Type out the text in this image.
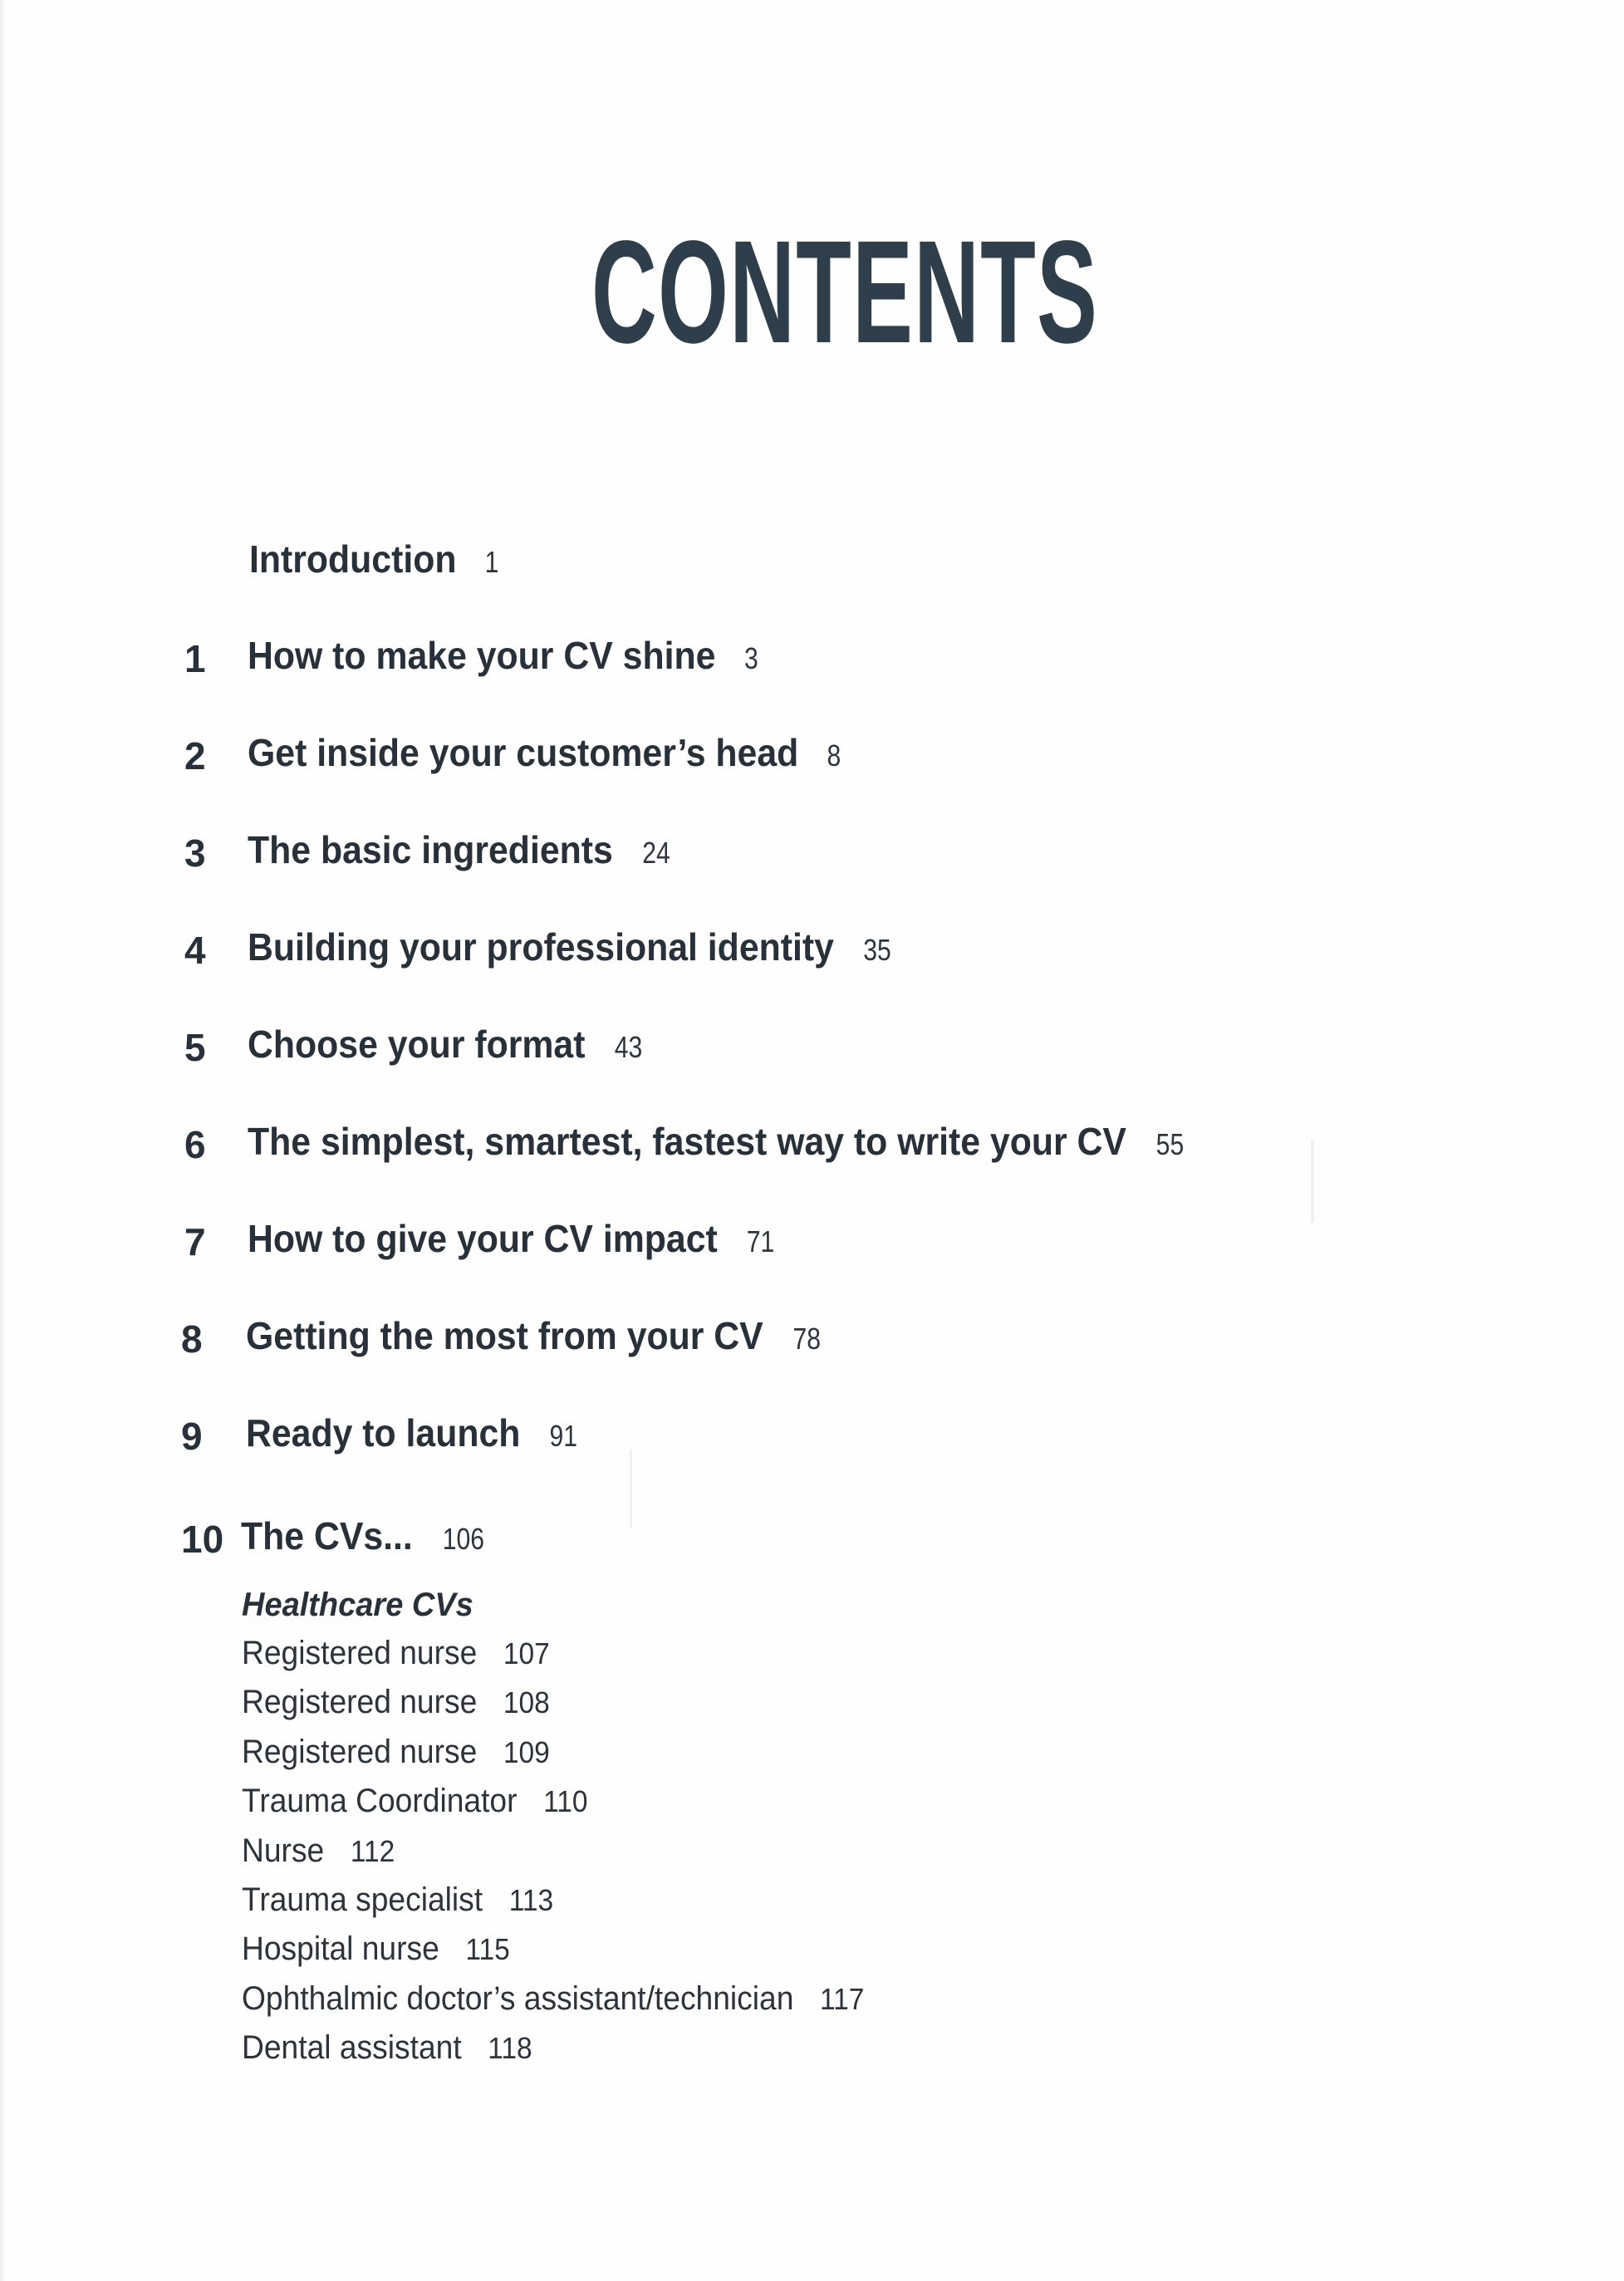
CONTENTS
Introduction 1
1 How to make your CV shine 3
2 Get inside your customer’s head 8
3 The basic ingredients 24
4 Building your professional identity 35
5 Choose your format 43
6 The simplest, smartest, fastest way to write your CV 55
7 How to give your CV impact 71
8 Getting the most from your CV 78
9 Ready to launch 91
10 The CVs... 106
Healthcare CVs
Registered nurse 107
Registered nurse 108
Registered nurse 109
Trauma Coordinator 110
Nurse 112
Trauma specialist 113
Hospital nurse 115
Ophthalmic doctor’s assistant/technician 117
Dental assistant 118
